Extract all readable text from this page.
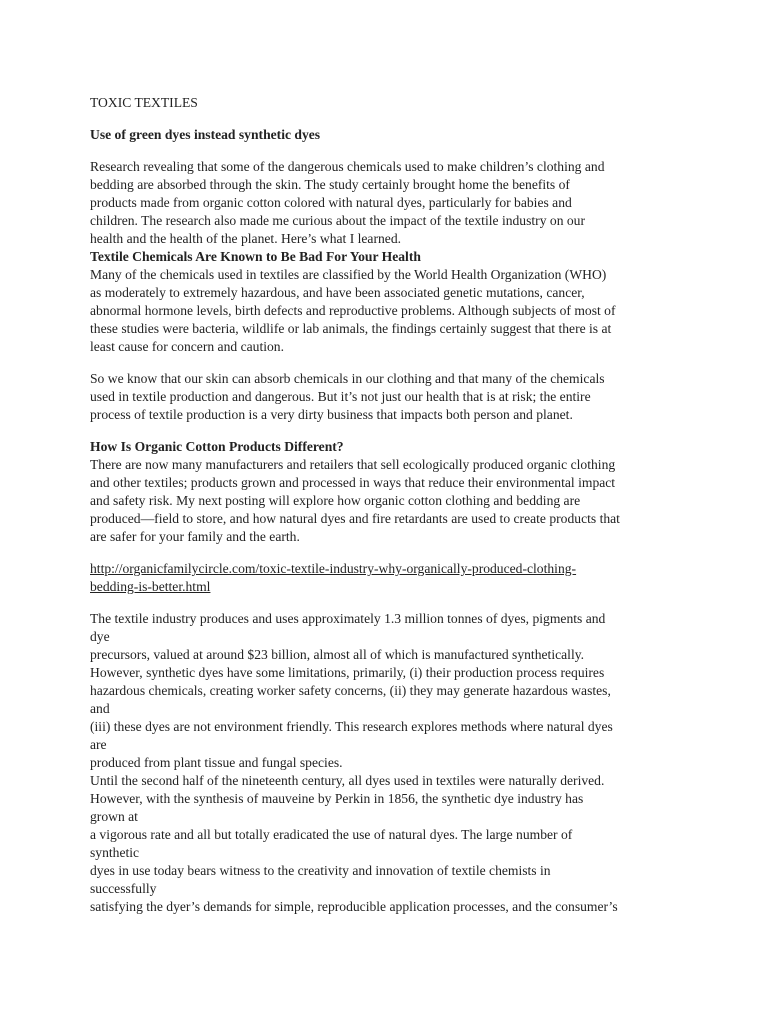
TOXIC TEXTILES
Use of green dyes instead synthetic dyes
Research revealing that some of the dangerous chemicals used to make children’s clothing and
bedding are absorbed through the skin. The study certainly brought home the benefits of
products made from organic cotton colored with natural dyes, particularly for babies and
children. The research also made me curious about the impact of the textile industry on our
health and the health of the planet. Here’s what I learned.
Textile Chemicals Are Known to Be Bad For Your Health
Many of the chemicals used in textiles are classified by the World Health Organization (WHO)
as moderately to extremely hazardous, and have been associated genetic mutations, cancer,
abnormal hormone levels, birth defects and reproductive problems. Although subjects of most of
these studies were bacteria, wildlife or lab animals, the findings certainly suggest that there is at
least cause for concern and caution.
So we know that our skin can absorb chemicals in our clothing and that many of the chemicals
used in textile production and dangerous. But it’s not just our health that is at risk; the entire
process of textile production is a very dirty business that impacts both person and planet.
How Is Organic Cotton Products Different?
There are now many manufacturers and retailers that sell ecologically produced organic clothing
and other textiles; products grown and processed in ways that reduce their environmental impact
and safety risk. My next posting will explore how organic cotton clothing and bedding are
produced—field to store, and how natural dyes and fire retardants are used to create products that
are safer for your family and the earth.
http://organicfamilycircle.com/toxic-textile-industry-why-organically-produced-clothing-
bedding-is-better.html
The textile industry produces and uses approximately 1.3 million tonnes of dyes, pigments and
dye
precursors, valued at around $23 billion, almost all of which is manufactured synthetically.
However, synthetic dyes have some limitations, primarily, (i) their production process requires
hazardous chemicals, creating worker safety concerns, (ii) they may generate hazardous wastes,
and
(iii) these dyes are not environment friendly. This research explores methods where natural dyes
are
produced from plant tissue and fungal species.
Until the second half of the nineteenth century, all dyes used in textiles were naturally derived.
However, with the synthesis of mauveine by Perkin in 1856, the synthetic dye industry has
grown at
a vigorous rate and all but totally eradicated the use of natural dyes. The large number of
synthetic
dyes in use today bears witness to the creativity and innovation of textile chemists in
successfully
satisfying the dyer’s demands for simple, reproducible application processes, and the consumer’s
